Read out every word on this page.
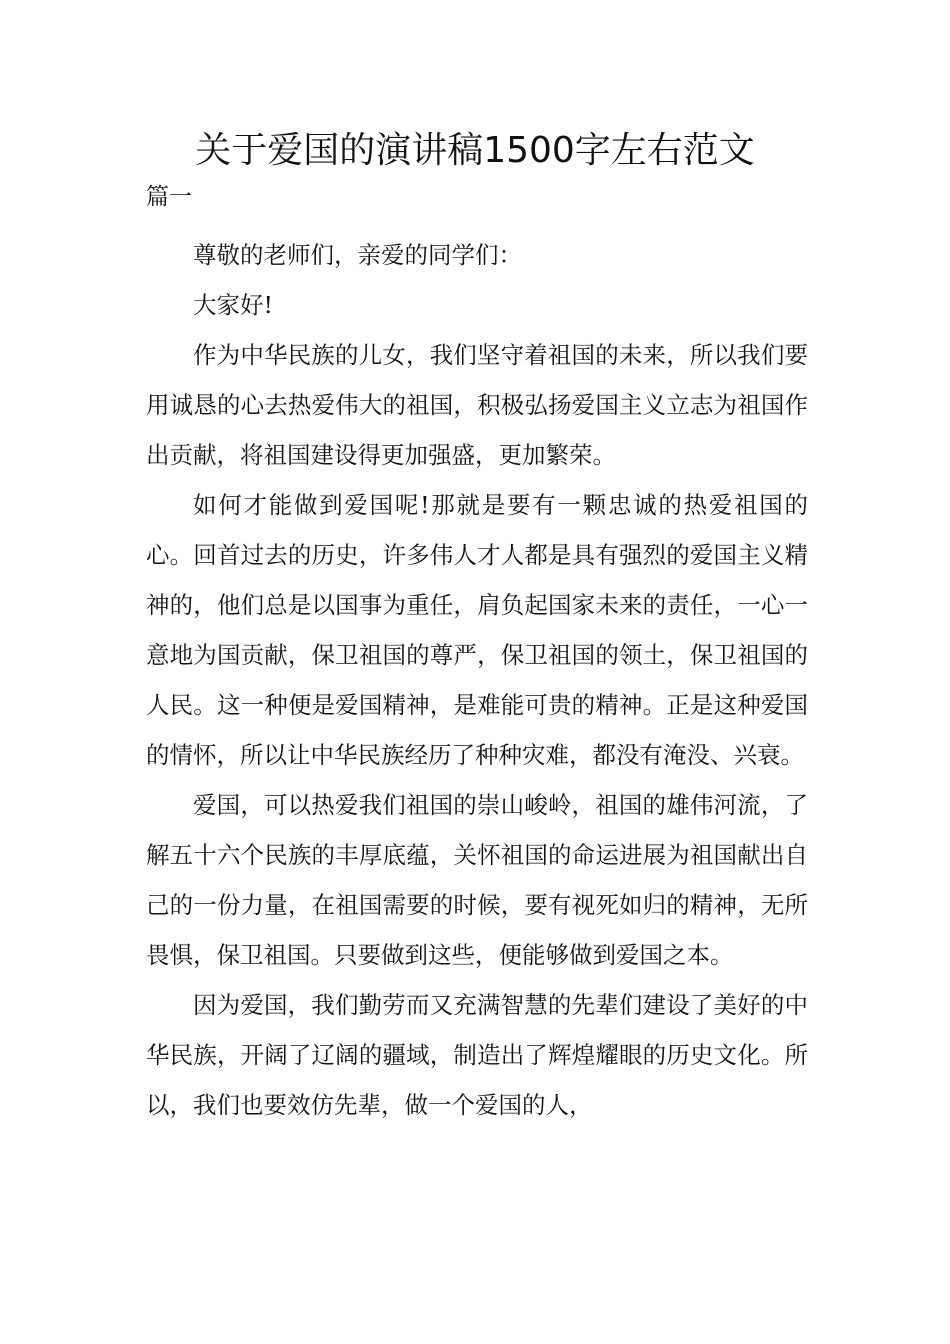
关于爱国的演讲稿1500字左右范文
篇一

尊敬的老师们，亲爱的同学们：

大家好!

作为中华民族的儿女，我们坚守着祖国的未来，所以我们要用诚恳的心去热爱伟大的祖国，积极弘扬爱国主义立志为祖国作出贡献，将祖国建设得更加强盛，更加繁荣。

如何才能做到爱国呢!那就是要有一颗忠诚的热爱祖国的心。回首过去的历史，许多伟人才人都是具有强烈的爱国主义精神的，他们总是以国事为重任，肩负起国家未来的责任，一心一意地为国贡献，保卫祖国的尊严，保卫祖国的领土，保卫祖国的人民。这一种便是爱国精神，是难能可贵的精神。正是这种爱国的情怀，所以让中华民族经历了种种灾难，都没有淹没、兴衰。

爱国，可以热爱我们祖国的崇山峻岭，祖国的雄伟河流，了解五十六个民族的丰厚底蕴，关怀祖国的命运进展为祖国献出自己的一份力量，在祖国需要的时候，要有视死如归的精神，无所畏惧，保卫祖国。只要做到这些，便能够做到爱国之本。

因为爱国，我们勤劳而又充满智慧的先辈们建设了美好的中华民族，开阔了辽阔的疆域，制造出了辉煌耀眼的历史文化。所以，我们也要效仿先辈，做一个爱国的人，
